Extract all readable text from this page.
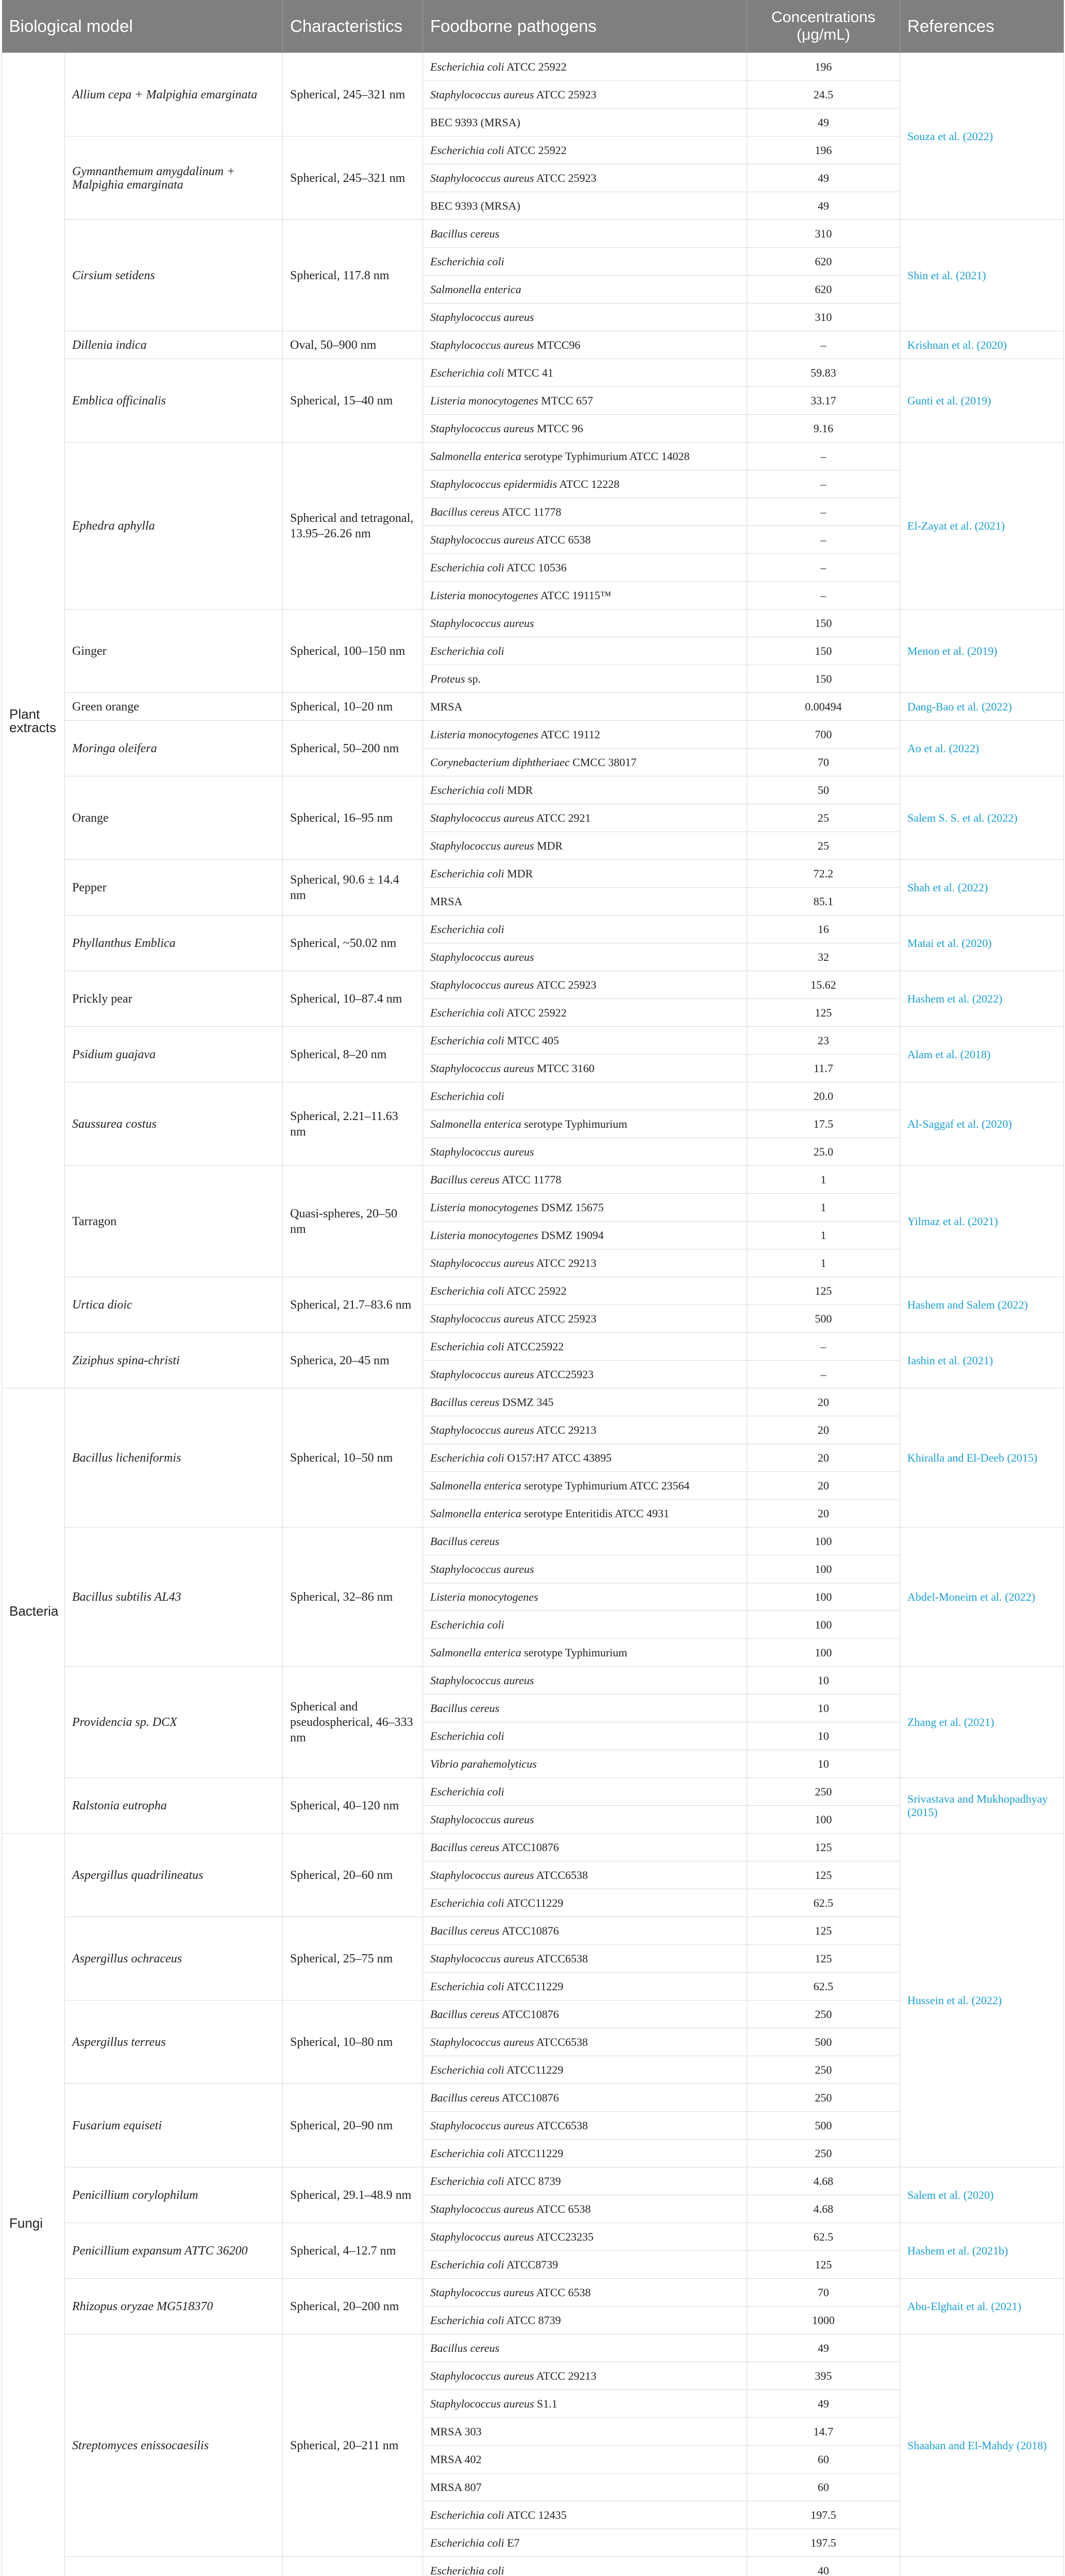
Biological model		Characteristics	Foodborne pathogens	Concentrations (μg/mL)	References
Plant extracts	Allium cepa + Malpighia emarginata	Spherical, 245–321 nm	Escherichia coli ATCC 25922	196	Souza et al. (2022)
			Staphylococcus aureus ATCC 25923	24.5	
			BEC 9393 (MRSA)	49	
	Gymnanthemum amygdalinum + Malpighia emarginata	Spherical, 245–321 nm	Escherichia coli ATCC 25922	196	
			Staphylococcus aureus ATCC 25923	49	
			BEC 9393 (MRSA)	49	
	Cirsium setidens	Spherical, 117.8 nm	Bacillus cereus	310	Shin et al. (2021)
			Escherichia coli	620	
			Salmonella enterica	620	
			Staphylococcus aureus	310	
	Dillenia indica	Oval, 50–900 nm	Staphylococcus aureus MTCC96	–	Krishnan et al. (2020)
	Emblica officinalis	Spherical, 15–40 nm	Escherichia coli MTCC 41	59.83	Gunti et al. (2019)
			Listeria monocytogenes MTCC 657	33.17	
			Staphylococcus aureus MTCC 96	9.16	
	Ephedra aphylla	Spherical and tetragonal, 13.95–26.26 nm	Salmonella enterica serotype Typhimurium ATCC 14028	–	El-Zayat et al. (2021)
			Staphylococcus epidermidis ATCC 12228	–	
			Bacillus cereus ATCC 11778	–	
			Staphylococcus aureus ATCC 6538	–	
			Escherichia coli ATCC 10536	–	
			Listeria monocytogenes ATCC 19115™	–	
	Ginger	Spherical, 100–150 nm	Staphylococcus aureus	150	Menon et al. (2019)
			Escherichia coli	150	
			Proteus sp.	150	
	Green orange	Spherical, 10–20 nm	MRSA	0.00494	Dang-Bao et al. (2022)
	Moringa oleifera	Spherical, 50–200 nm	Listeria monocytogenes ATCC 19112	700	Ao et al. (2022)
			Corynebacterium diphtheriaec CMCC 38017	70	
	Orange	Spherical, 16–95 nm	Escherichia coli MDR	50	Salem S. S. et al. (2022)
			Staphylococcus aureus ATCC 2921	25	
			Staphylococcus aureus MDR	25	
	Pepper	Spherical, 90.6 ± 14.4 nm	Escherichia coli MDR	72.2	Shah et al. (2022)
			MRSA	85.1	
	Phyllanthus Emblica	Spherical, ~50.02 nm	Escherichia coli	16	Matai et al. (2020)
			Staphylococcus aureus	32	
	Prickly pear	Spherical, 10–87.4 nm	Staphylococcus aureus ATCC 25923	15.62	Hashem et al. (2022)
			Escherichia coli ATCC 25922	125	
	Psidium guajava	Spherical, 8–20 nm	Escherichia coli MTCC 405	23	Alam et al. (2018)
			Staphylococcus aureus MTCC 3160	11.7	
	Saussurea costus	Spherical, 2.21–11.63 nm	Escherichia coli	20.0	Al-Saggaf et al. (2020)
			Salmonella enterica serotype Typhimurium	17.5	
			Staphylococcus aureus	25.0	
	Tarragon	Quasi-spheres, 20–50 nm	Bacillus cereus ATCC 11778	1	Yilmaz et al. (2021)
			Listeria monocytogenes DSMZ 15675	1	
			Listeria monocytogenes DSMZ 19094	1	
			Staphylococcus aureus ATCC 29213	1	
	Urtica dioic	Spherical, 21.7–83.6 nm	Escherichia coli ATCC 25922	125	Hashem and Salem (2022)
			Staphylococcus aureus ATCC 25923	500	
	Ziziphus spina-christi	Spherica, 20–45 nm	Escherichia coli ATCC25922	–	Iashin et al. (2021)
			Staphylococcus aureus ATCC25923	–	
Bacteria	Bacillus licheniformis	Spherical, 10–50 nm	Bacillus cereus DSMZ 345	20	Khiralla and El-Deeb (2015)
			Staphylococcus aureus ATCC 29213	20	
			Escherichia coli O157:H7 ATCC 43895	20	
			Salmonella enterica serotype Typhimurium ATCC 23564	20	
			Salmonella enterica serotype Enteritidis ATCC 4931	20	
	Bacillus subtilis AL43	Spherical, 32–86 nm	Bacillus cereus	100	Abdel-Moneim et al. (2022)
			Staphylococcus aureus	100	
			Listeria monocytogenes	100	
			Escherichia coli	100	
			Salmonella enterica serotype Typhimurium	100	
	Providencia sp. DCX	Spherical and pseudospherical, 46–333 nm	Staphylococcus aureus	10	Zhang et al. (2021)
			Bacillus cereus	10	
			Escherichia coli	10	
			Vibrio parahemolyticus	10	
	Ralstonia eutropha	Spherical, 40–120 nm	Escherichia coli	250	Srivastava and Mukhopadhyay (2015)
			Staphylococcus aureus	100	
Fungi	Aspergillus quadrilineatus	Spherical, 20–60 nm	Bacillus cereus ATCC10876	125	Hussein et al. (2022)
			Staphylococcus aureus ATCC6538	125	
			Escherichia coli ATCC11229	62.5	
	Aspergillus ochraceus	Spherical, 25–75 nm	Bacillus cereus ATCC10876	125	
			Staphylococcus aureus ATCC6538	125	
			Escherichia coli ATCC11229	62.5	
	Aspergillus terreus	Spherical, 10–80 nm	Bacillus cereus ATCC10876	250	
			Staphylococcus aureus ATCC6538	500	
			Escherichia coli ATCC11229	250	
	Fusarium equiseti	Spherical, 20–90 nm	Bacillus cereus ATCC10876	250	
			Staphylococcus aureus ATCC6538	500	
			Escherichia coli ATCC11229	250	
	Penicillium corylophilum	Spherical, 29.1–48.9 nm	Escherichia coli ATCC 8739	4.68	Salem et al. (2020)
			Staphylococcus aureus ATCC 6538	4.68	
	Penicillium expansum ATTC 36200	Spherical, 4–12.7 nm	Staphylococcus aureus ATCC23235	62.5	Hashem et al. (2021b)
			Escherichia coli ATCC8739	125	
	Rhizopus oryzae MG518370	Spherical, 20–200 nm	Staphylococcus aureus ATCC 6538	70	Abu-Elghait et al. (2021)
			Escherichia coli ATCC 8739	1000	
	Streptomyces enissocaesilis	Spherical, 20–211 nm	Bacillus cereus	49	Shaaban and El-Mahdy (2018)
			Staphylococcus aureus ATCC 29213	395	
			Staphylococcus aureus S1.1	49	
			MRSA 303	14.7	
			MRSA 402	60	
			MRSA 807	60	
			Escherichia coli ATCC 12435	197.5	
			Escherichia coli E7	197.5	
		Escherichia coli	40	
